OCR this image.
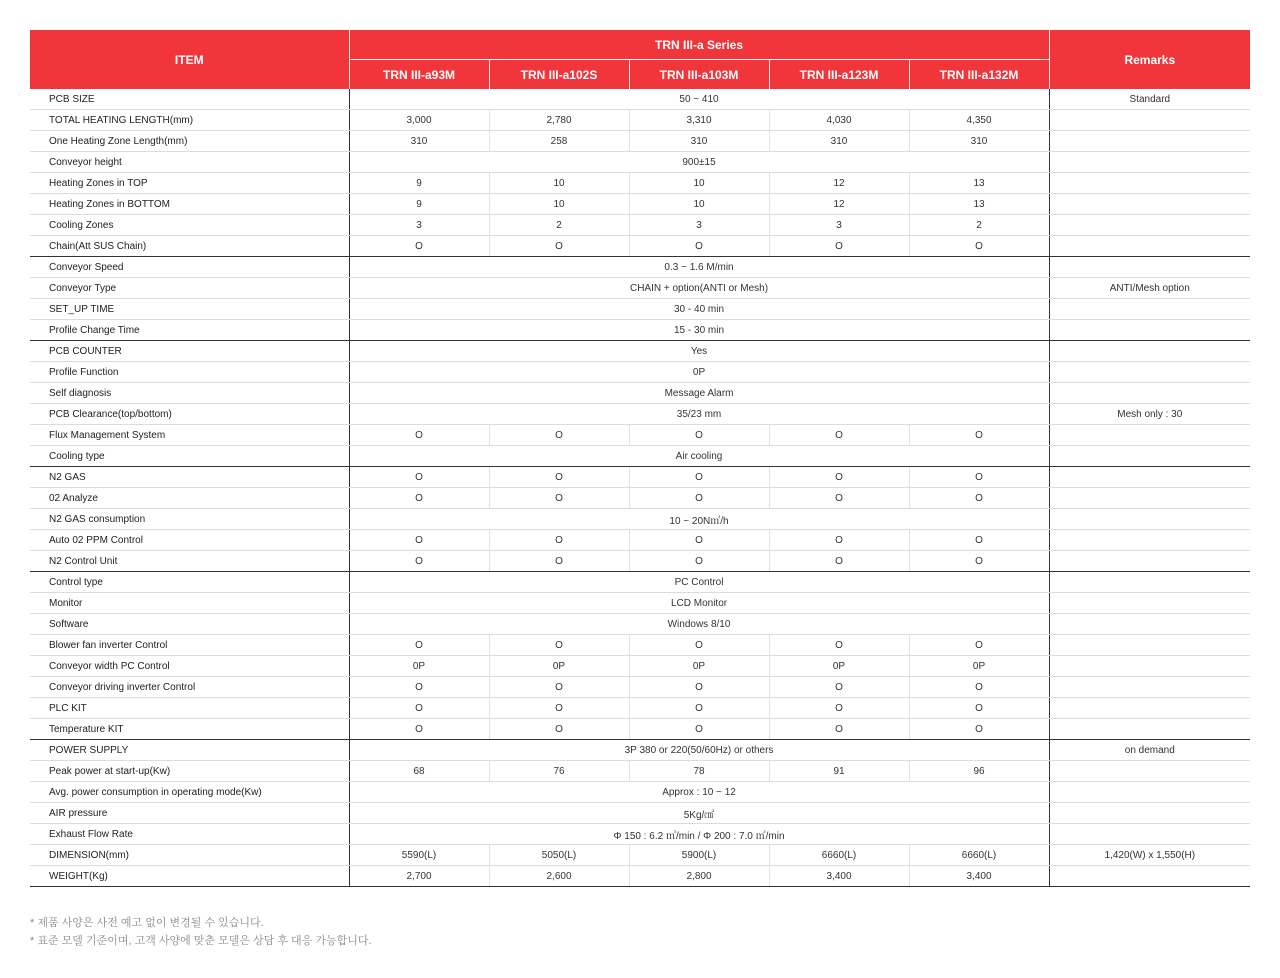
ITEM	TRN III-a Series					Remarks
	TRN III-a93M	TRN III-a102S	TRN III-a103M	TRN III-a123M	TRN III-a132M	
PCB SIZE	50 ~ 410					Standard
TOTAL HEATING LENGTH(mm)	3,000	2,780	3,310	4,030	4,350	
One Heating Zone Length(mm)	310	258	310	310	310	
Conveyor height	900±15					
Heating Zones in TOP	9	10	10	12	13	
Heating Zones in BOTTOM	9	10	10	12	13	
Cooling Zones	3	2	3	3	2	
Chain(Att SUS Chain)	O	O	O	O	O	
Conveyor Speed	0.3 ~ 1.6 M/min					
Conveyor Type	CHAIN + option(ANTI or Mesh)					ANTI/Mesh option
SET_UP TIME	30 - 40 min					
Profile Change Time	15 - 30 min					
PCB COUNTER	Yes					
Profile Function	0P					
Self diagnosis	Message Alarm					
PCB Clearance(top/bottom)	35/23 mm					Mesh only : 30
Flux Management System	O	O	O	O	O	
Cooling type	Air cooling					
N2 GAS	O	O	O	O	O	
02 Analyze	O	O	O	O	O	
N2 GAS consumption	10 ~ 20N㎥/h					
Auto 02 PPM Control	O	O	O	O	O	
N2 Control Unit	O	O	O	O	O	
Control type	PC Control					
Monitor	LCD Monitor					
Software	Windows 8/10					
Blower fan inverter Control	O	O	O	O	O	
Conveyor width PC Control	0P	0P	0P	0P	0P	
Conveyor driving inverter Control	O	O	O	O	O	
PLC KIT	O	O	O	O	O	
Temperature KIT	O	O	O	O	O	
POWER SUPPLY	3P 380 or 220(50/60Hz) or others					on demand
Peak power at start-up(Kw)	68	76	78	91	96	
Avg. power consumption in operating mode(Kw)	Approx : 10 ~ 12					
AIR pressure	5Kg/㎠					
Exhaust Flow Rate	Φ 150 : 6.2 ㎥/min / Φ 200 : 7.0 ㎥/min					
DIMENSION(mm)	5590(L)	5050(L)	5900(L)	6660(L)	6660(L)	1,420(W) x 1,550(H)
WEIGHT(Kg)	2,700	2,600	2,800	3,400	3,400	
* 제품 사양은 사전 예고 없이 변경될 수 있습니다.
* 표준 모델 기준이며, 고객 사양에 맞춘 모델은 상담 후 대응 가능합니다.
